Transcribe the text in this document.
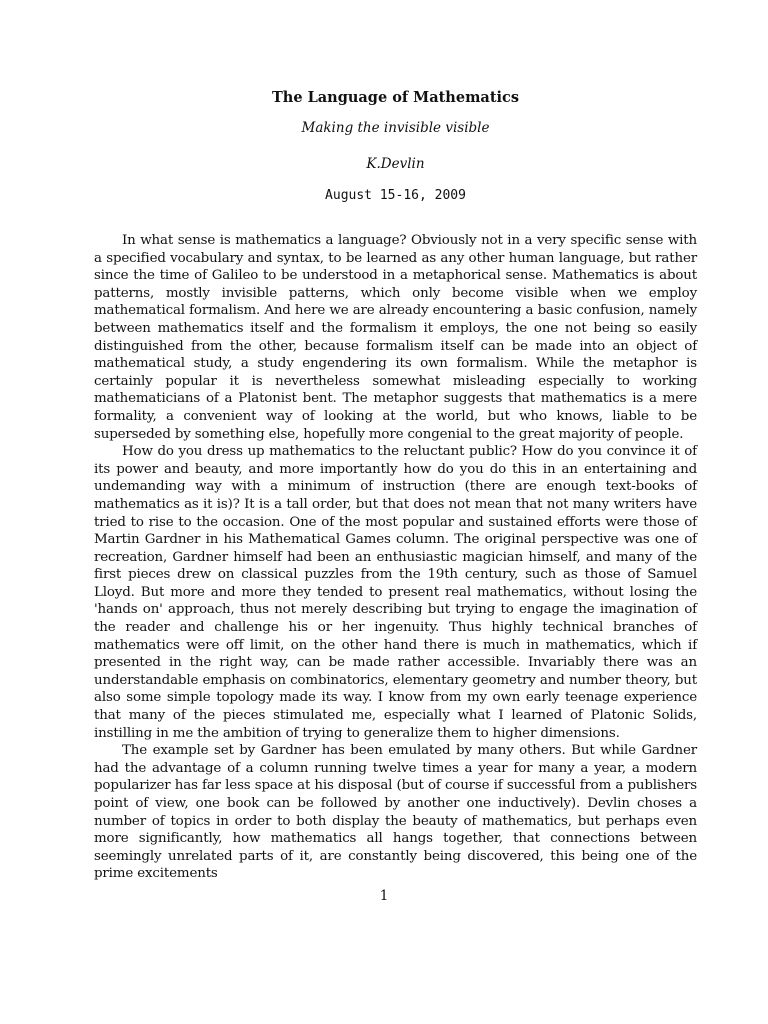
The Language of Mathematics
Making the invisible visible
K.Devlin
August 15-16, 2009

In what sense is mathematics a language? Obviously not in a very specific sense with a specified vocabulary and syntax, to be learned as any other human language, but rather since the time of Galileo to be understood in a metaphorical sense. Mathematics is about patterns, mostly invisible patterns, which only become visible when we employ mathematical formalism. And here we are already encountering a basic confusion, namely between mathematics itself and the formalism it employs, the one not being so easily distinguished from the other, because formalism itself can be made into an object of mathematical study, a study engendering its own formalism. While the metaphor is certainly popular it is nevertheless somewhat misleading especially to working mathematicians of a Platonist bent. The metaphor suggests that mathematics is a mere formality, a convenient way of looking at the world, but who knows, liable to be superseded by something else, hopefully more congenial to the great majority of people.

How do you dress up mathematics to the reluctant public? How do you convince it of its power and beauty, and more importantly how do you do this in an entertaining and undemanding way with a minimum of instruction (there are enough text-books of mathematics as it is)? It is a tall order, but that does not mean that not many writers have tried to rise to the occasion. One of the most popular and sustained efforts were those of Martin Gardner in his Mathematical Games column. The original perspective was one of recreation, Gardner himself had been an enthusiastic magician himself, and many of the first pieces drew on classical puzzles from the 19th century, such as those of Samuel Lloyd. But more and more they tended to present real mathematics, without losing the 'hands on' approach, thus not merely describing but trying to engage the imagination of the reader and challenge his or her ingenuity. Thus highly technical branches of mathematics were off limit, on the other hand there is much in mathematics, which if presented in the right way, can be made rather accessible. Invariably there was an understandable emphasis on combinatorics, elementary geometry and number theory, but also some simple topology made its way. I know from my own early teenage experience that many of the pieces stimulated me, especially what I learned of Platonic Solids, instilling in me the ambition of trying to generalize them to higher dimensions.

The example set by Gardner has been emulated by many others. But while Gardner had the advantage of a column running twelve times a year for many a year, a modern popularizer has far less space at his disposal (but of course if successful from a publishers point of view, one book can be followed by another one inductively). Devlin choses a number of topics in order to both display the beauty of mathematics, but perhaps even more significantly, how mathematics all hangs together, that connections between seemingly unrelated parts of it, are constantly being discovered, this being one of the prime excitements

1
